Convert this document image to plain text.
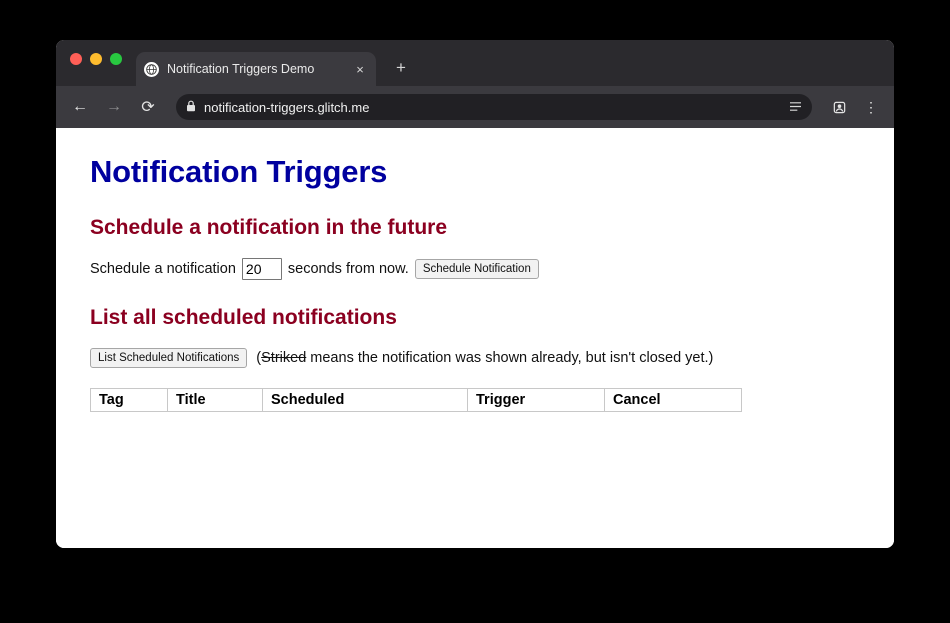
Notification Triggers Demo	×	+
← →	⟳	notification-triggers.glitch.me	⋮
Notification Triggers
Schedule a notification in the future
Schedule a notification
20	seconds from now.	Schedule Notification
List all scheduled notifications
List Scheduled Notifications	(Striked means the notification was shown already, but isn't closed yet.)
Tag	Title	Scheduled	Trigger	Cancel
